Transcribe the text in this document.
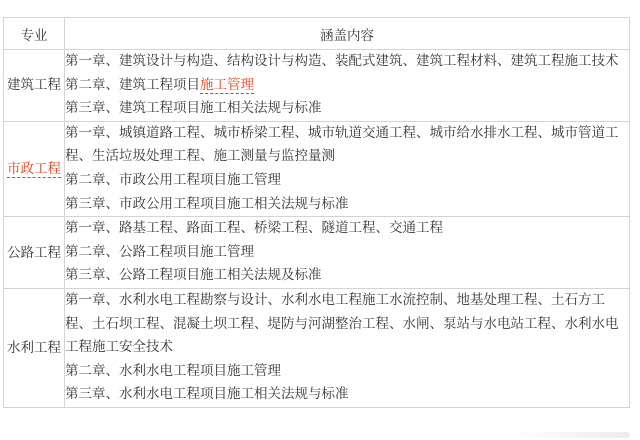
专业	涵盖内容
建筑工程	第一章、建筑设计与构造、结构设计与构造、装配式建筑、建筑工程材料、建筑工程施工技术
第二章、建筑工程项目施工管理
第三章、建筑工程项目施工相关法规与标准

市政工程	第一章、城镇道路工程、城市桥梁工程、城市轨道交通工程、城市给水排水工程、城市管道工程、生活垃圾处理工程、施工测量与监控量测
第二章、市政公用工程项目施工管理
第三章、市政公用工程项目施工相关法规与标准

公路工程	第一章、路基工程、路面工程、桥梁工程、隧道工程、交通工程
第二章、公路工程项目施工管理
第三章、公路工程项目施工相关法规及标准

水利工程	第一章、水利水电工程勘察与设计、水利水电工程施工水流控制、地基处理工程、土石方工程、土石坝工程、混凝土坝工程、堤防与河湖整治工程、水闸、泵站与水电站工程、水利水电工程施工安全技术
第二章、水利水电工程项目施工管理
第三章、水利水电工程项目施工相关法规与标准
